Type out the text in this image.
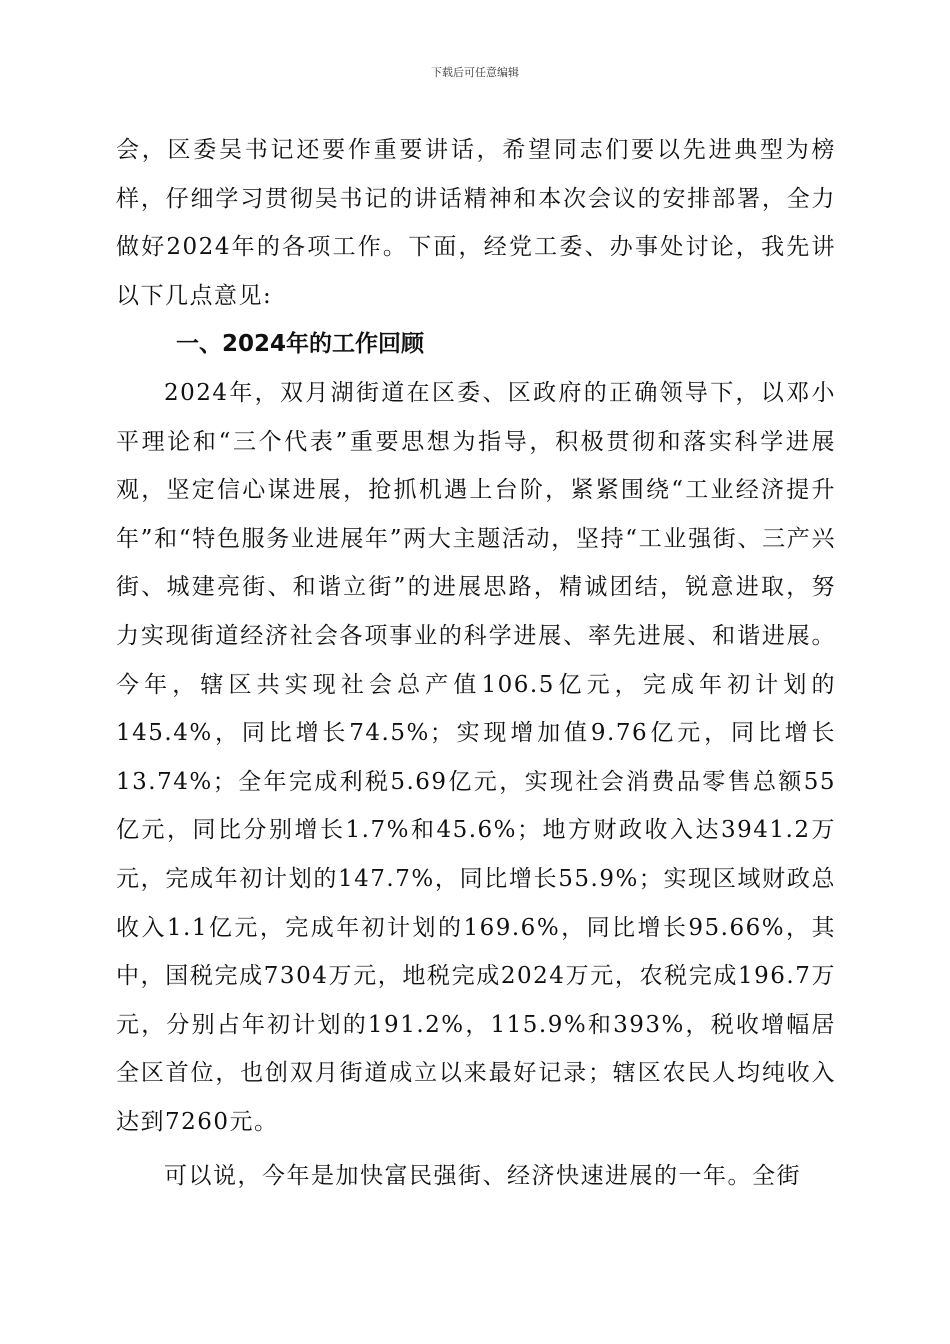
下载后可任意编辑

会，区委吴书记还要作重要讲话，希望同志们要以先进典型为榜样，仔细学习贯彻吴书记的讲话精神和本次会议的安排部署，全力做好2024年的各项工作。下面，经党工委、办事处讨论，我先讲以下几点意见:

一、2024年的工作回顾

2024年，双月湖街道在区委、区政府的正确领导下，以邓小平理论和“三个代表”重要思想为指导，积极贯彻和落实科学进展观，坚定信心谋进展，抢抓机遇上台阶，紧紧围绕“工业经济提升年”和“特色服务业进展年”两大主题活动，坚持“工业强街、三产兴街、城建亮街、和谐立街”的进展思路，精诚团结，锐意进取，努力实现街道经济社会各项事业的科学进展、率先进展、和谐进展。今年，辖区共实现社会总产值106.5亿元，完成年初计划的145.4%，同比增长74.5%；实现增加值9.76亿元，同比增长13.74%；全年完成利税5.69亿元，实现社会消费品零售总额55亿元，同比分别增长1.7%和45.6%；地方财政收入达3941.2万元，完成年初计划的147.7%，同比增长55.9%；实现区域财政总收入1.1亿元，完成年初计划的169.6%，同比增长95.66%，其中，国税完成7304万元，地税完成2024万元，农税完成196.7万元，分别占年初计划的191.2%，115.9%和393%，税收增幅居全区首位，也创双月街道成立以来最好记录；辖区农民人均纯收入达到7260元。

可以说，今年是加快富民强街、经济快速进展的一年。全街
